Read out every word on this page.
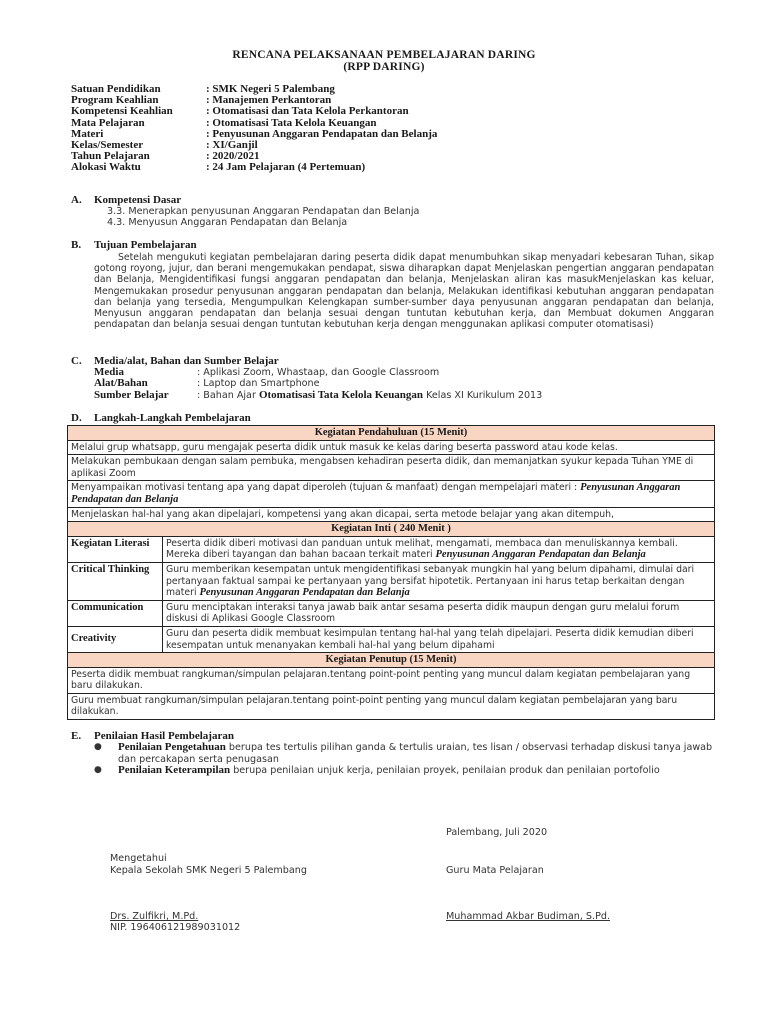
RENCANA PELAKSANAAN PEMBELAJARAN DARING
(RPP DARING)
Satuan Pendidikan	: SMK Negeri 5 Palembang
Program Keahlian	: Manajemen Perkantoran
Kompetensi Keahlian	: Otomatisasi dan Tata Kelola Perkantoran
Mata Pelajaran	: Otomatisasi Tata Kelola Keuangan
Materi	: Penyusunan Anggaran Pendapatan dan Belanja
Kelas/Semester	: XI/Ganjil
Tahun Pelajaran	: 2020/2021
Alokasi Waktu	: 24 Jam Pelajaran (4 Pertemuan)
A. Kompetensi Dasar
3.3. Menerapkan penyusunan Anggaran Pendapatan dan Belanja
4.3. Menyusun Anggaran Pendapatan dan Belanja
B. Tujuan Pembelajaran
Setelah mengukuti kegiatan pembelajaran daring peserta didik dapat menumbuhkan sikap menyadari kebesaran Tuhan, sikap gotong royong, jujur, dan berani mengemukakan pendapat, siswa diharapkan dapat Menjelaskan pengertian anggaran pendapatan dan Belanja, Mengidentifikasi fungsi anggaran pendapatan dan belanja, Menjelaskan aliran kas masukMenjelaskan kas keluar, Mengemukakan prosedur penyusunan anggaran pendapatan dan belanja, Melakukan identifikasi kebutuhan anggaran pendapatan dan belanja yang tersedia, Mengumpulkan Kelengkapan sumber-sumber daya penyusunan anggaran pendapatan dan belanja, Menyusun anggaran pendapatan dan belanja sesuai dengan tuntutan kebutuhan kerja, dan Membuat dokumen Anggaran pendapatan dan belanja sesuai dengan tuntutan kebutuhan kerja dengan menggunakan aplikasi computer otomatisasi)
C. Media/alat, Bahan dan Sumber Belajar
Media	: Aplikasi Zoom, Whastaap, dan Google Classroom
Alat/Bahan	: Laptop dan Smartphone
Sumber Belajar	: Bahan Ajar Otomatisasi Tata Kelola Keuangan Kelas XI Kurikulum 2013
D. Langkah-Langkah Pembelajaran
Kegiatan Pendahuluan (15 Menit)	
Melalui grup whatsapp, guru mengajak peserta didik untuk masuk ke kelas daring beserta password atau kode kelas.	
Melakukan pembukaan dengan salam pembuka, mengabsen kehadiran peserta didik, dan memanjatkan syukur kepada Tuhan YME di aplikasi Zoom	
Menyampaikan motivasi tentang apa yang dapat diperoleh (tujuan & manfaat) dengan mempelajari materi : Penyusunan Anggaran Pendapatan dan Belanja	
Menjelaskan hal-hal yang akan dipelajari, kompetensi yang akan dicapai, serta metode belajar yang akan ditempuh,	
Kegiatan Inti ( 240 Menit )	
Kegiatan Literasi	Peserta didik diberi motivasi dan panduan untuk melihat, mengamati, membaca dan menuliskannya kembali. Mereka diberi tayangan dan bahan bacaan terkait materi Penyusunan Anggaran Pendapatan dan Belanja
Critical Thinking	Guru memberikan kesempatan untuk mengidentifikasi sebanyak mungkin hal yang belum dipahami, dimulai dari pertanyaan faktual sampai ke pertanyaan yang bersifat hipotetik. Pertanyaan ini harus tetap berkaitan dengan materi Penyusunan Anggaran Pendapatan dan Belanja
Communication	Guru menciptakan interaksi tanya jawab baik antar sesama peserta didik maupun dengan guru melalui forum diskusi di Aplikasi Google Classroom
Creativity	Guru dan peserta didik membuat kesimpulan tentang hal-hal yang telah dipelajari. Peserta didik kemudian diberi kesempatan untuk menanyakan kembali hal-hal yang belum dipahami
Kegiatan Penutup (15 Menit)	
Peserta didik membuat rangkuman/simpulan pelajaran.tentang point-point penting yang muncul dalam kegiatan pembelajaran yang baru dilakukan.	
Guru membuat rangkuman/simpulan pelajaran.tentang point-point penting yang muncul dalam kegiatan pembelajaran yang baru dilakukan.	
E. Penilaian Hasil Pembelajaran
●	Penilaian Pengetahuan berupa tes tertulis pilihan ganda & tertulis uraian, tes lisan / observasi terhadap diskusi tanya jawab dan percakapan serta penugasan
●	Penilaian Keterampilan berupa penilaian unjuk kerja, penilaian proyek, penilaian produk dan penilaian portofolio
Palembang, Juli 2020
Mengetahui
Kepala Sekolah SMK Negeri 5 Palembang	Guru Mata Pelajaran
Drs. Zulfikri, M.Pd.
NIP. 196406121989031012
Muhammad Akbar Budiman, S.Pd.
